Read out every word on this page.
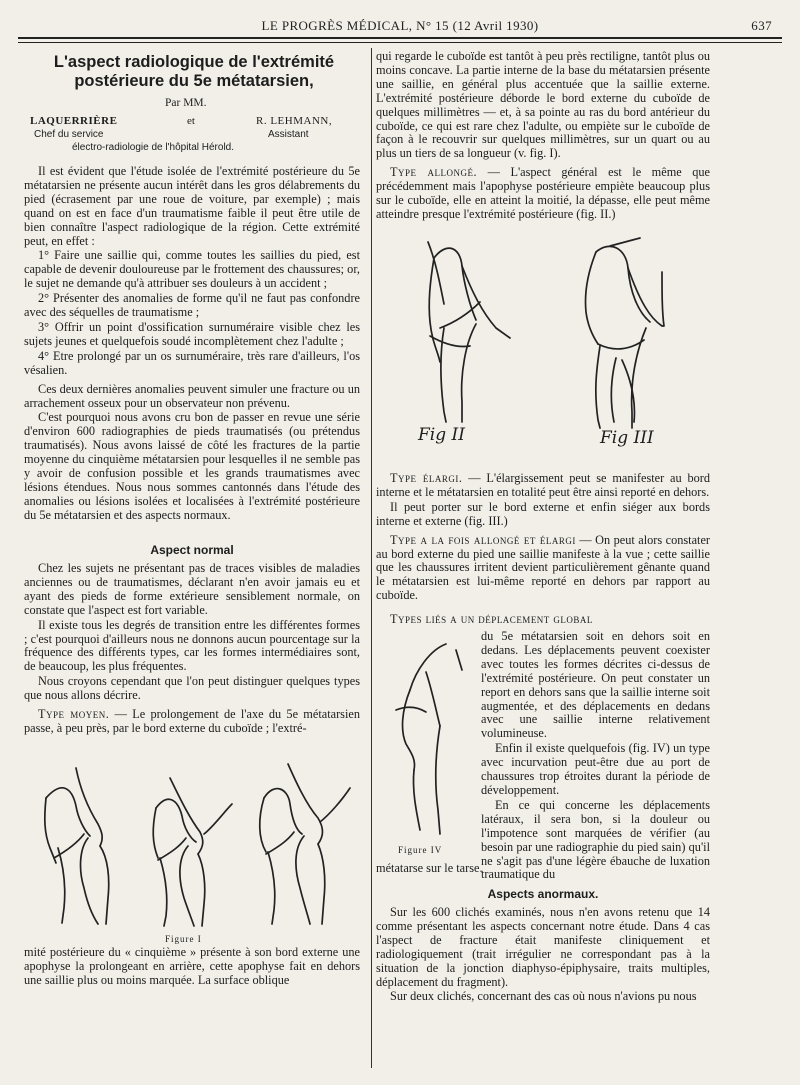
LE PROGRÈS MÉDICAL, N° 15 (12 Avril 1930)	637
L'aspect radiologique de l'extrémité
postérieure du 5e métatarsien,
Par MM.
LAQUERRIÈRE	et	R. LEHMANN,
Chef du service	Assistant
électro-radiologie de l'hôpital Hérold.

Il est évident que l'étude isolée de l'extrémité postérieure du 5e métatarsien ne présente aucun intérêt dans les gros délabrements du pied (écrasement par une roue de voiture, par exemple) ; mais quand on est en face d'un traumatisme faible il peut être utile de bien connaître l'aspect radiologique de la région. Cette extrémité peut, en effet :

1° Faire une saillie qui, comme toutes les saillies du pied, est capable de devenir douloureuse par le frottement des chaussures; or, le sujet ne demande qu'à attribuer ses douleurs à un accident ;

2° Présenter des anomalies de forme qu'il ne faut pas confondre avec des séquelles de traumatisme ;

3° Offrir un point d'ossification surnuméraire visible chez les sujets jeunes et quelquefois soudé incomplètement chez l'adulte ;

4° Etre prolongé par un os surnuméraire, très rare d'ailleurs, l'os vésalien.

Ces deux dernières anomalies peuvent simuler une fracture ou un arrachement osseux pour un observateur non prévenu.

C'est pourquoi nous avons cru bon de passer en revue une série d'environ 600 radiographies de pieds traumatisés (ou prétendus traumatisés). Nous avons laissé de côté les fractures de la partie moyenne du cinquième métatarsien pour lesquelles il ne semble pas y avoir de confusion possible et les grands traumatismes avec lésions étendues. Nous nous sommes cantonnés dans l'étude des anomalies ou lésions isolées et localisées à l'extrémité postérieure du 5e métatarsien et des aspects normaux.

Aspect normal

Chez les sujets ne présentant pas de traces visibles de maladies anciennes ou de traumatismes, déclarant n'en avoir jamais eu et ayant des pieds de forme extérieure sensiblement normale, on constate que l'aspect est fort variable.

Il existe tous les degrés de transition entre les différentes formes ; c'est pourquoi d'ailleurs nous ne donnons aucun pourcentage sur la fréquence des différents types, car les formes intermédiaires sont, de beaucoup, les plus fréquentes.

Nous croyons cependant que l'on peut distinguer quelques types que nous allons décrire.

Type moyen. — Le prolongement de l'axe du 5e métatarsien passe, à peu près, par le bord externe du cuboïde ; l'extré-

Figure I

mité postérieure du « cinquième » présente à son bord externe une apophyse la prolongeant en arrière, cette apophyse fait en dehors une saillie plus ou moins marquée. La surface oblique

qui regarde le cuboïde est tantôt à peu près rectiligne, tantôt plus ou moins concave. La partie interne de la base du métatarsien présente une saillie, en général plus accentuée que la saillie externe. L'extrémité postérieure déborde le bord externe du cuboïde de quelques millimètres — et, à sa pointe au ras du bord antérieur du cuboïde, ce qui est rare chez l'adulte, ou empiète sur le cuboïde de façon à le recouvrir sur quelques millimètres, sur un quart ou au plus un tiers de sa longueur (v. fig. I).

Type allongé. — L'aspect général est le même que précédemment mais l'apophyse postérieure empiète beaucoup plus sur le cuboïde, elle en atteint la moitié, la dépasse, elle peut même atteindre presque l'extrémité postérieure (fig. II.)

Fig II	Fig III

Type élargi. — L'élargissement peut se manifester au bord interne et le métatarsien en totalité peut être ainsi reporté en dehors.

Il peut porter sur le bord externe et enfin siéger aux bords interne et externe (fig. III.)

Type a la fois allongé et élargi — On peut alors constater au bord externe du pied une saillie manifeste à la vue ; cette saillie que les chaussures irritent devient particulièrement gênante quand le métatarsien est lui-même reporté en dehors par rapport au cuboïde.

Types liés a un déplacement global

Figure IV

du 5e métatarsien soit en dehors soit en dedans. Les déplacements peuvent coexister avec toutes les formes décrites ci-dessus de l'extrémité postérieure. On peut constater un report en dehors sans que la saillie interne soit augmentée, et des déplacements en dedans avec une saillie interne relativement volumineuse.

Enfin il existe quelquefois (fig. IV) un type avec incurvation peut-être due au port de chaussures trop étroites durant la période de développement.

En ce qui concerne les déplacements latéraux, il sera bon, si la douleur ou l'impotence sont marquées de vérifier (au besoin par une radiographie du pied sain) qu'il ne s'agit pas d'une légère ébauche de luxation traumatique du

métatarse sur le tarse.

Aspects anormaux.

Sur les 600 clichés examinés, nous n'en avons retenu que 14 comme présentant les aspects concernant notre étude. Dans 4 cas l'aspect de fracture était manifeste cliniquement et radiologiquement (trait irrégulier ne correspondant pas à la situation de la jonction diaphyso-épiphysaire, traits multiples, déplacement du fragment).

Sur deux clichés, concernant des cas où nous n'avions pu nous
